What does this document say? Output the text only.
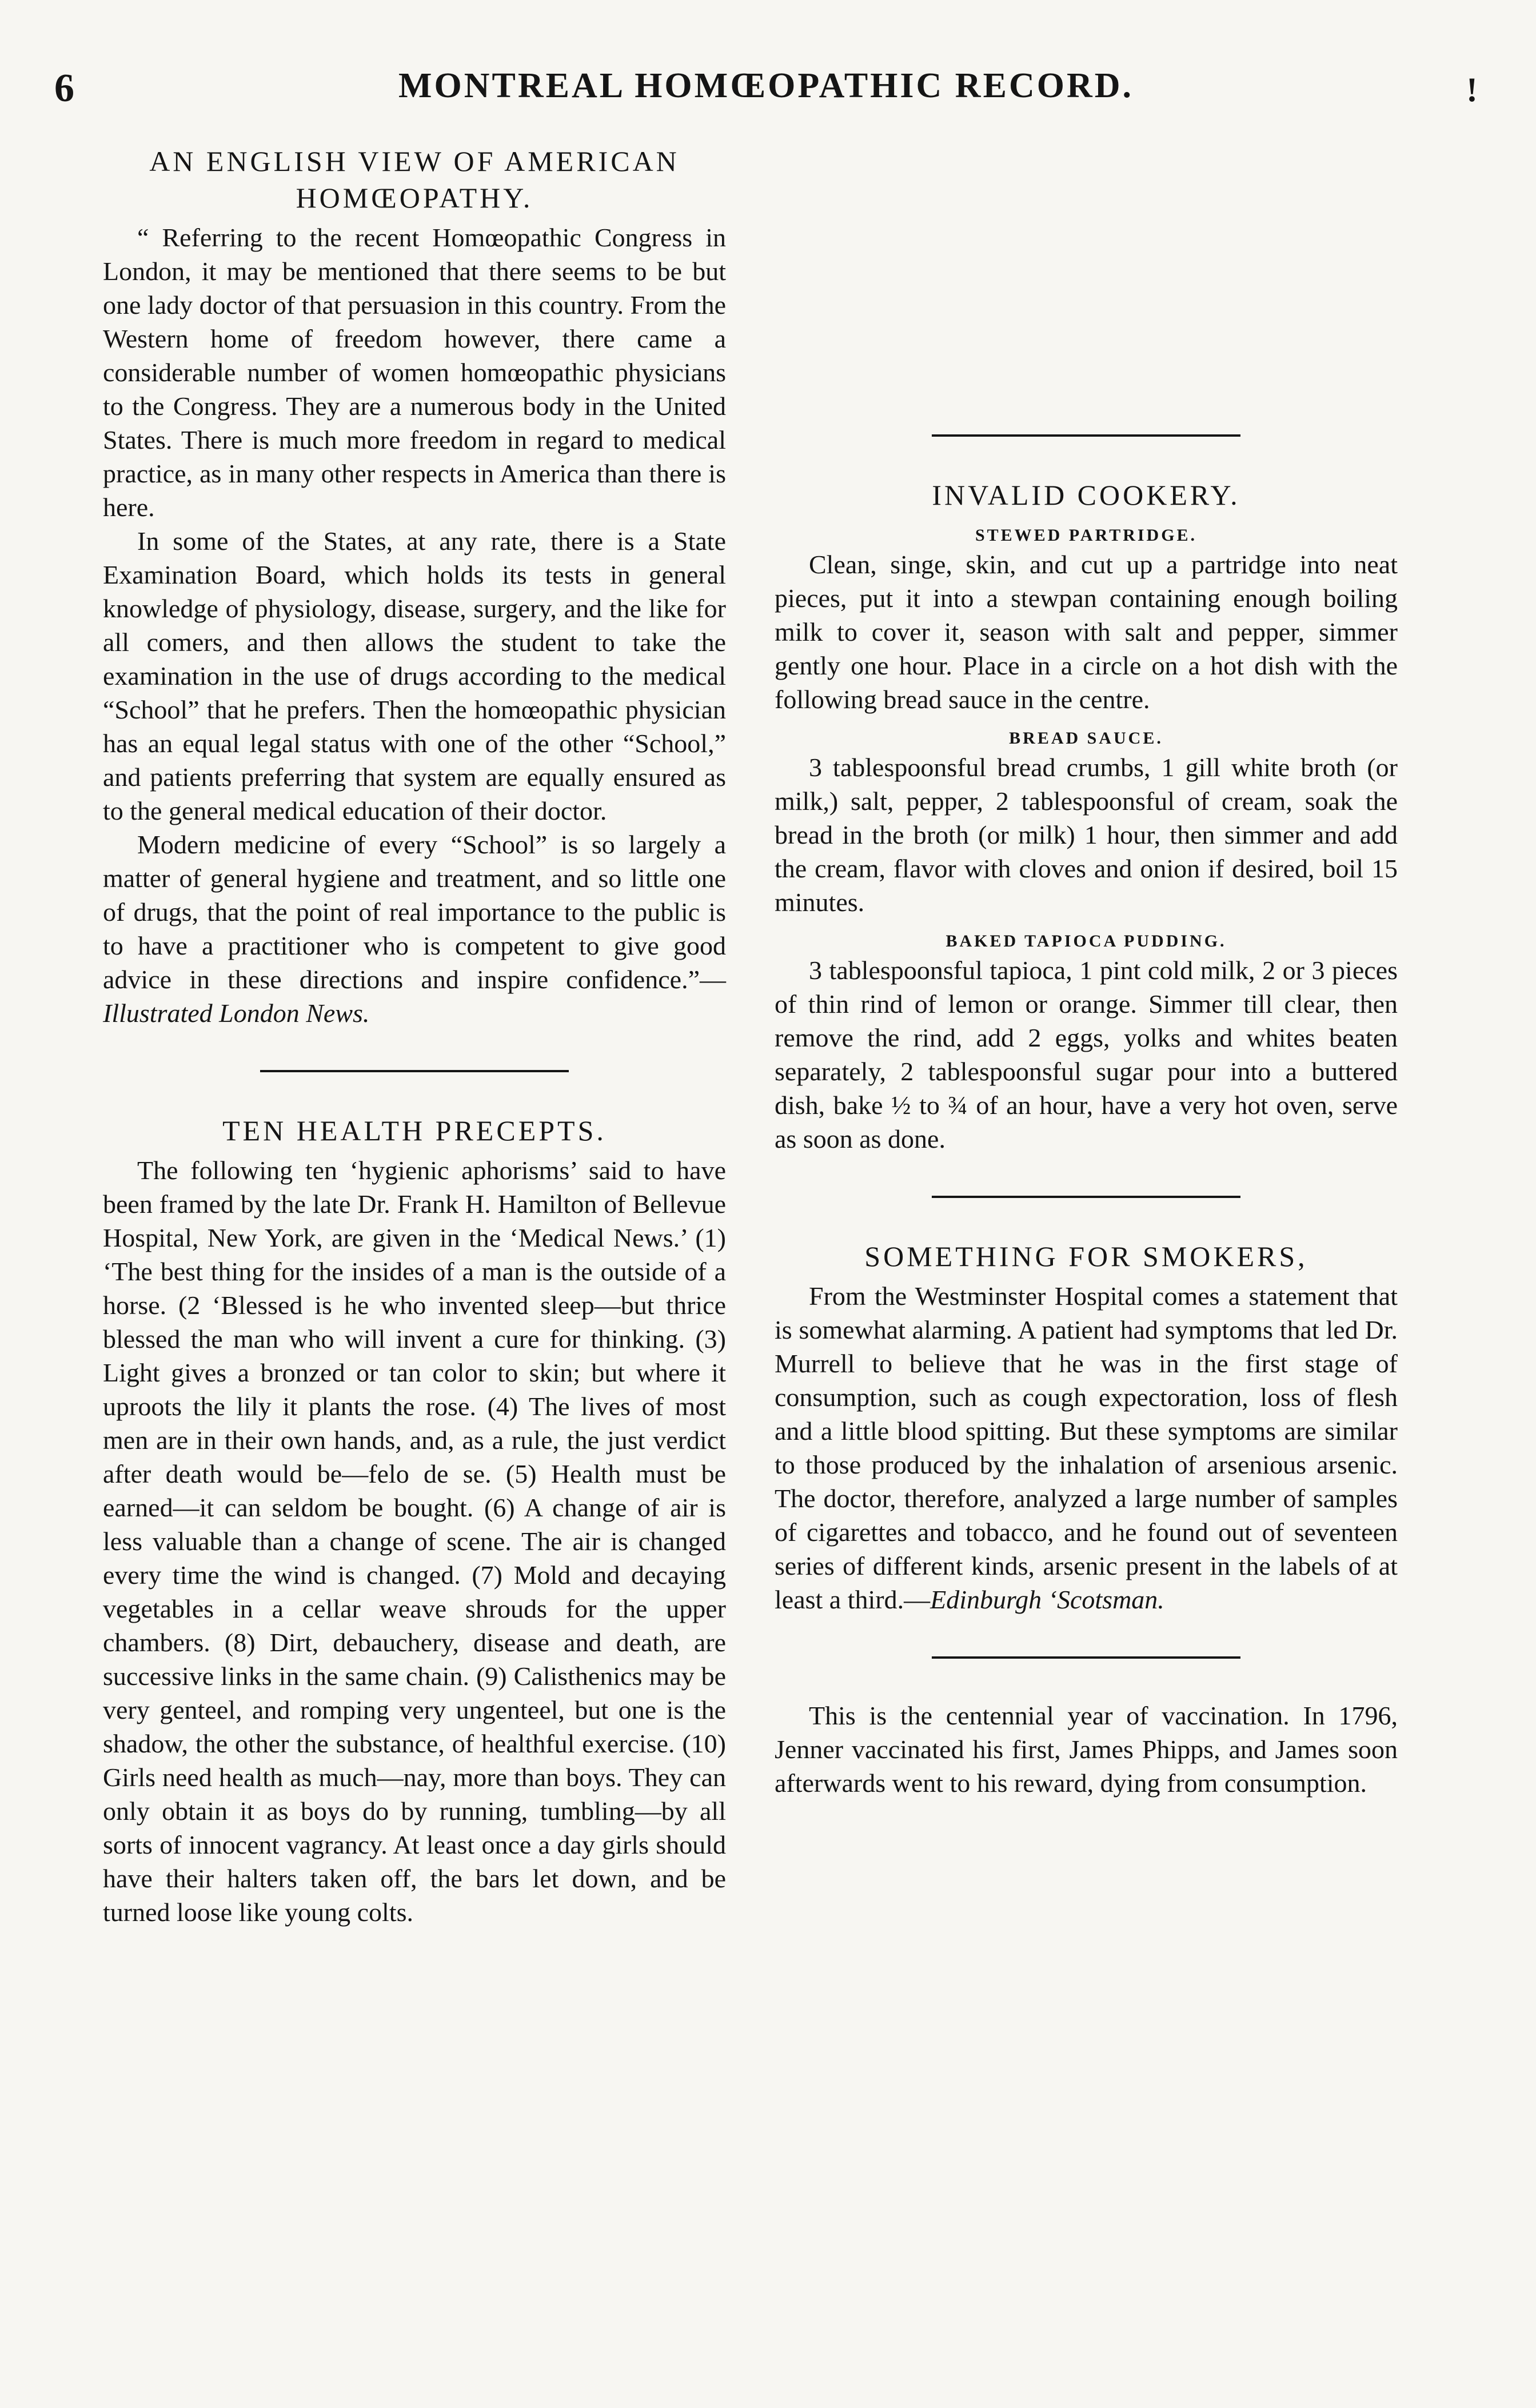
6	MONTREAL HOMŒOPATHIC RECORD.	!
AN ENGLISH VIEW OF AMERICAN HOMŒOPATHY.

“ Referring to the recent Homœopathic Congress in London, it may be mentioned that there seems to be but one lady doctor of that persuasion in this country. From the Western home of freedom however, there came a considerable number of women homœopathic physicians to the Congress. They are a numerous body in the United States. There is much more freedom in regard to medical practice, as in many other respects in America than there is here.

In some of the States, at any rate, there is a State Examination Board, which holds its tests in general knowledge of physiology, disease, surgery, and the like for all comers, and then allows the student to take the examination in the use of drugs according to the medical “School” that he prefers. Then the homœopathic physician has an equal legal status with one of the other “School,” and patients preferring that system are equally ensured as to the general medical education of their doctor.

Modern medicine of every “School” is so largely a matter of general hygiene and treatment, and so little one of drugs, that the point of real importance to the public is to have a practitioner who is competent to give good advice in these directions and inspire confidence.”—Illustrated London News.

TEN HEALTH PRECEPTS.

The following ten ‘hygienic aphorisms’ said to have been framed by the late Dr. Frank H. Hamilton of Bellevue Hospital, New York, are given in the ‘Medical News.’ (1) ‘The best thing for the insides of a man is the outside of a horse. (2 ‘Blessed is he who invented sleep—but thrice blessed the man who will invent a cure for thinking. (3) Light gives a bronzed or tan color to skin; but where it uproots the lily it plants the rose. (4) The lives of most men are in their own hands, and, as a rule, the just verdict after death would be—felo de se. (5) Health must be earned—it can seldom be bought. (6) A change of air is less valuable than a change of scene. The air is changed every time the wind is changed. (7) Mold and decaying vegetables in a cellar weave shrouds for the upper chambers. (8) Dirt, debauchery, disease and death, are successive links in the same chain. (9) Calisthenics may be very genteel, and romping very ungenteel, but one is the shadow, the other the substance, of healthful exercise. (10) Girls need health as much—nay, more than boys. They can only obtain it as boys do by running, tumbling—by all sorts of innocent vagrancy. At least once a day girls should have their halters taken off, the bars let down, and be turned loose like young colts.

INVALID COOKERY.
STEWED PARTRIDGE.

Clean, singe, skin, and cut up a partridge into neat pieces, put it into a stewpan containing enough boiling milk to cover it, season with salt and pepper, simmer gently one hour. Place in a circle on a hot dish with the following bread sauce in the centre.

BREAD SAUCE.

3 tablespoonsful bread crumbs, 1 gill white broth (or milk,) salt, pepper, 2 tablespoonsful of cream, soak the bread in the broth (or milk) 1 hour, then simmer and add the cream, flavor with cloves and onion if desired, boil 15 minutes.

BAKED TAPIOCA PUDDING.

3 tablespoonsful tapioca, 1 pint cold milk, 2 or 3 pieces of thin rind of lemon or orange. Simmer till clear, then remove the rind, add 2 eggs, yolks and whites beaten separately, 2 tablespoonsful sugar pour into a buttered dish, bake ½ to ¾ of an hour, have a very hot oven, serve as soon as done.

SOMETHING FOR SMOKERS,

From the Westminster Hospital comes a statement that is somewhat alarming. A patient had symptoms that led Dr. Murrell to believe that he was in the first stage of consumption, such as cough expectoration, loss of flesh and a little blood spitting. But these symptoms are similar to those produced by the inhalation of arsenious arsenic. The doctor, therefore, analyzed a large number of samples of cigarettes and tobacco, and he found out of seventeen series of different kinds, arsenic present in the labels of at least a third.—Edinburgh ‘Scotsman.

This is the centennial year of vaccination. In 1796, Jenner vaccinated his first, James Phipps, and James soon afterwards went to his reward, dying from consumption.
